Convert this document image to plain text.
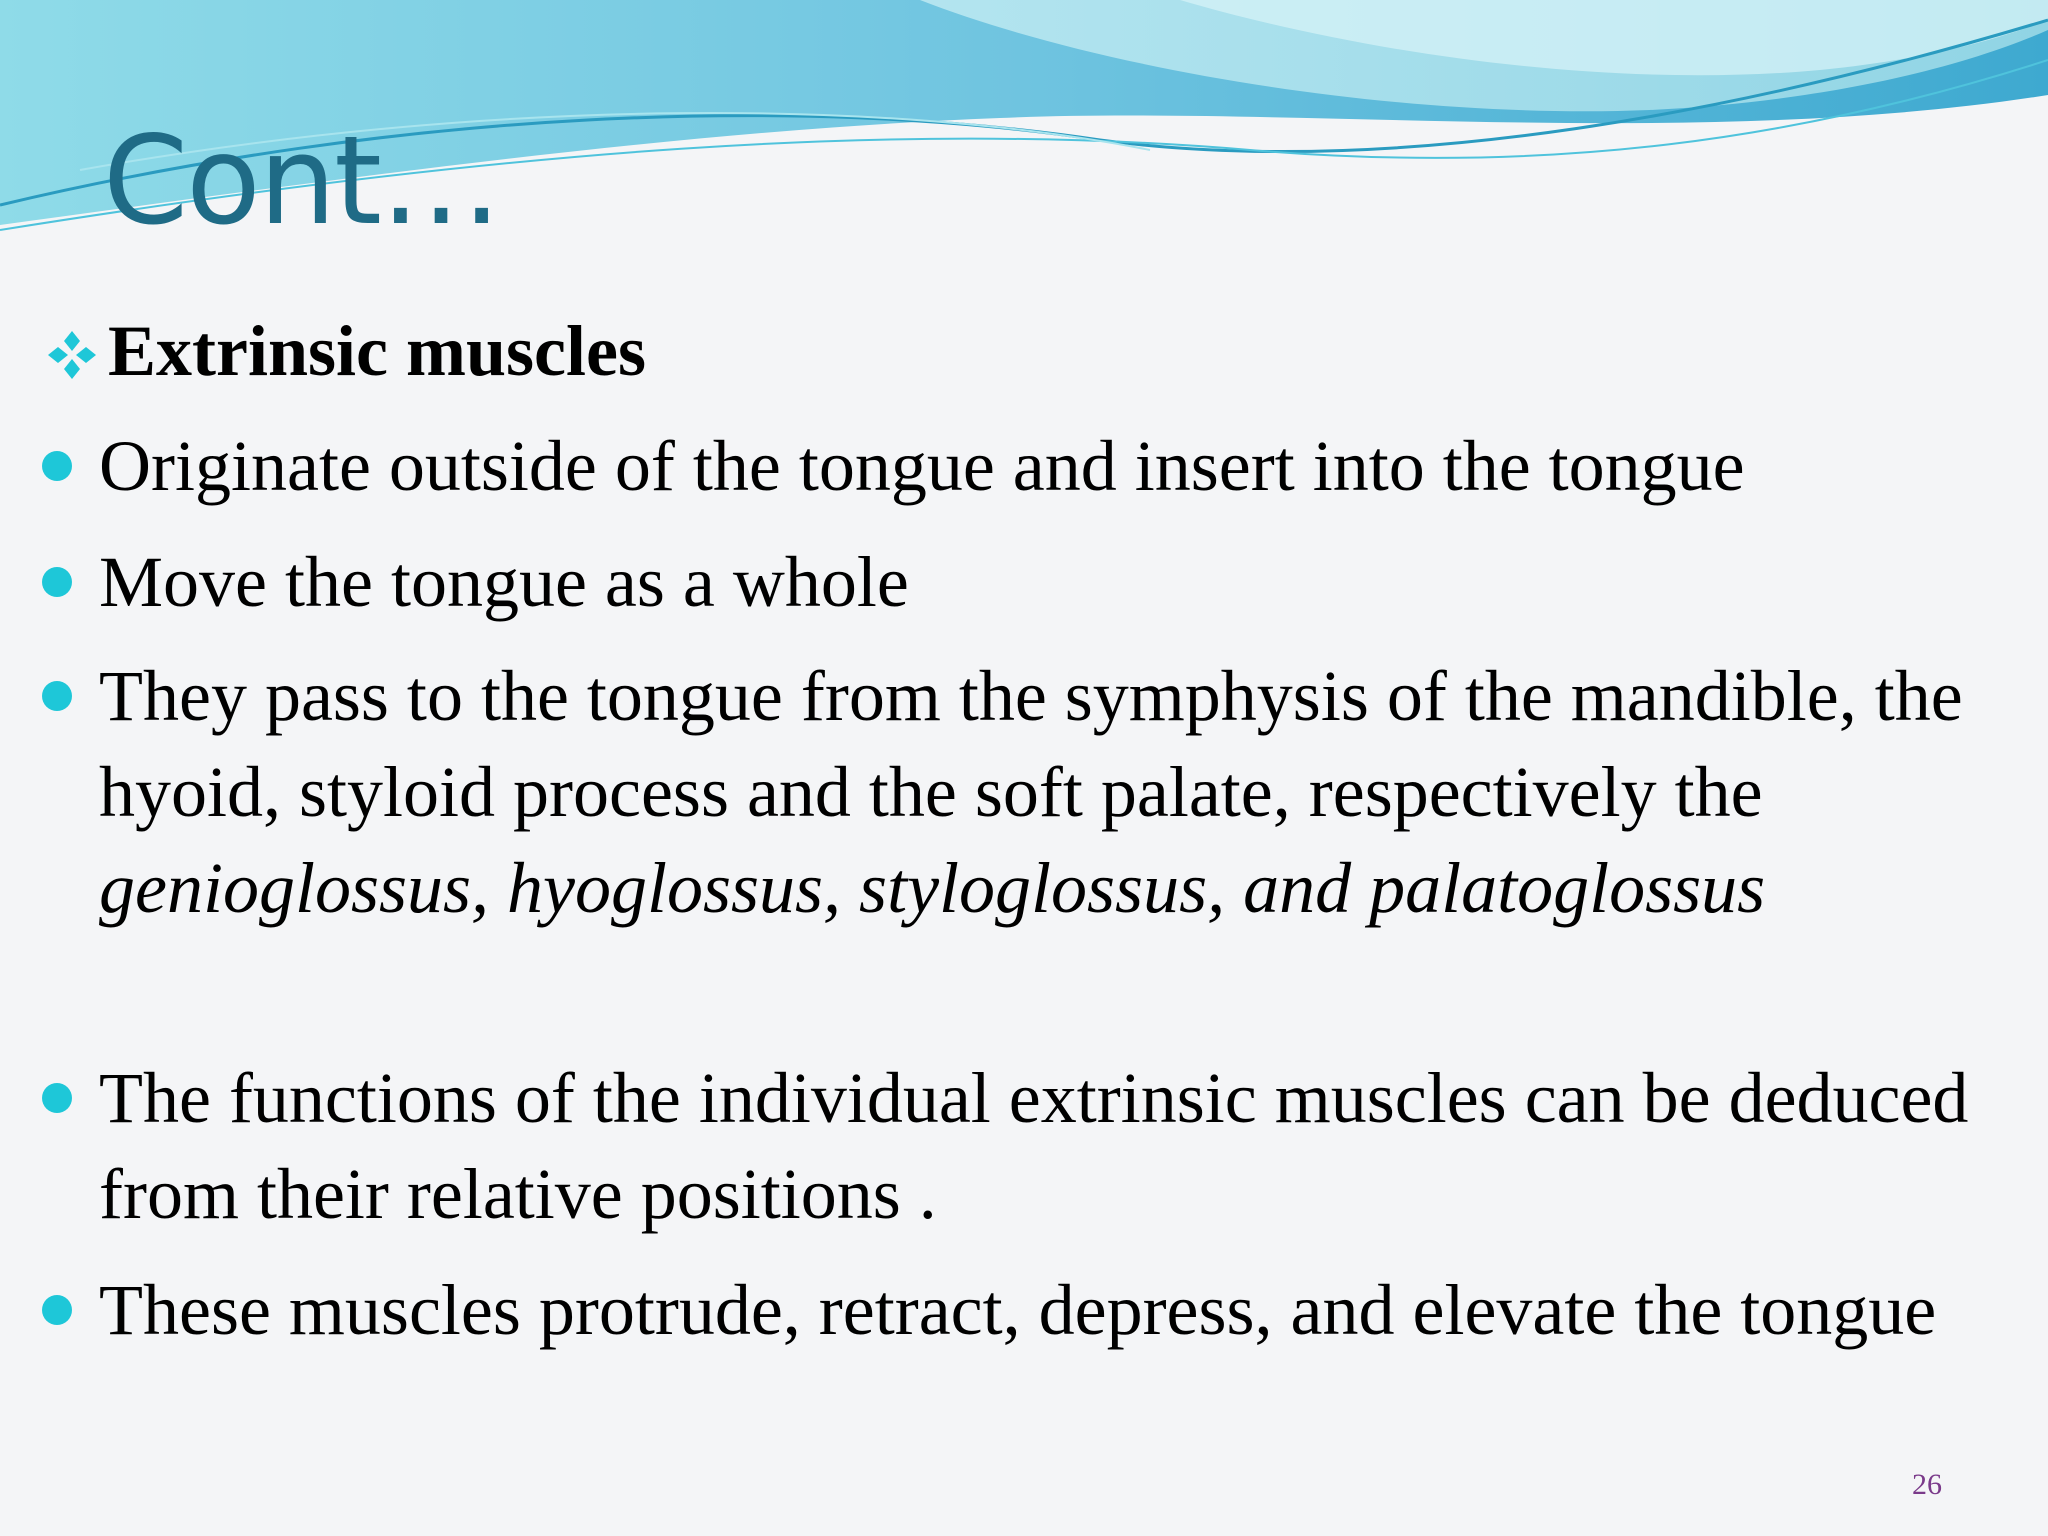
Cont…
Extrinsic muscles
Originate outside of the tongue and insert into the tongue
Move the tongue as a whole
They pass to the tongue from the symphysis of the mandible, the hyoid, styloid process and the soft palate, respectively the genioglossus, hyoglossus, styloglossus, and palatoglossus
The functions of the individual extrinsic muscles can be deduced from their relative positions .
These muscles protrude, retract, depress, and elevate the tongue
26
